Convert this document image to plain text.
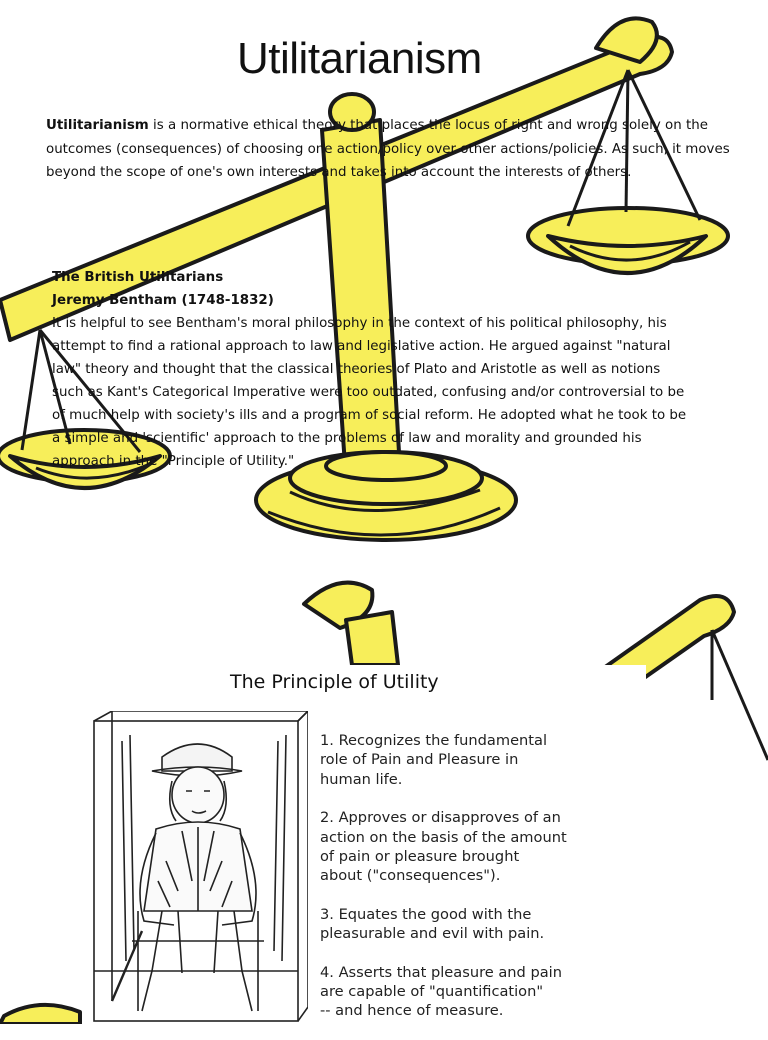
Utilitarianism

Utilitarianism is a normative ethical theory that places the locus of right and wrong solely on the outcomes (consequences) of choosing one action/policy over other actions/policies. As such, it moves beyond the scope of one's own interests and takes into account the interests of others.

The British Utilitarians
Jeremy Bentham (1748-1832)

It is helpful to see Bentham's moral philosophy in the context of his political philosophy, his attempt to find a rational approach to law and legislative action. He argued against "natural law" theory and thought that the classical theories of Plato and Aristotle as well as notions such as Kant's Categorical Imperative were too outdated, confusing and/or controversial to be of much help with society's ills and a program of social reform. He adopted what he took to be a simple and 'scientific' approach to the problems of law and morality and grounded his approach in the "Principle of Utility."

The Principle of Utility
1. Recognizes the fundamental
role of Pain and Pleasure in
human life.
2. Approves or disapproves of an
action on the basis of the amount
of pain or pleasure brought
about ("consequences").
3. Equates the good with the
pleasurable and evil with pain.
4. Asserts that pleasure and pain
are capable of "quantification"
-- and hence of measure.
